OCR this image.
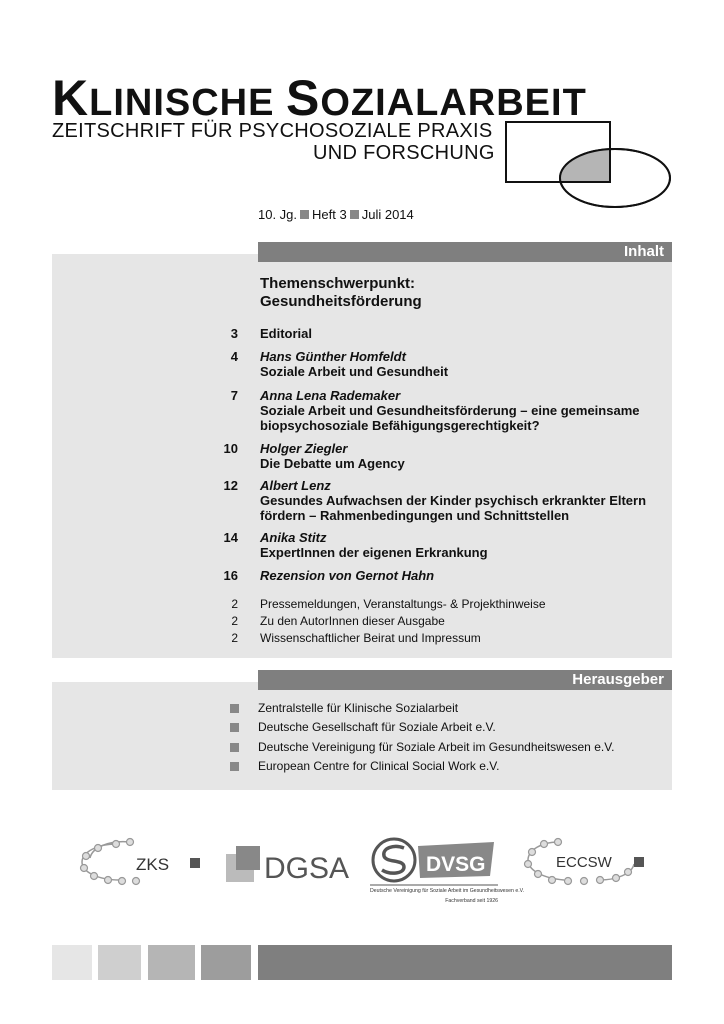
KLINISCHE SOZIALARBEIT
ZEITSCHRIFT FÜR PSYCHOSOZIALE PRAXIS
UND FORSCHUNG
10. Jg. Heft 3 Juli 2014
Inhalt
Themenschwerpunkt:
Gesundheitsförderung
3 Editorial
4 Hans Günther Homfeldt
Soziale Arbeit und Gesundheit
7 Anna Lena Rademaker
Soziale Arbeit und Gesundheitsförderung – eine gemeinsame biopsychosoziale Befähigungsgerechtigkeit?
10 Holger Ziegler
Die Debatte um Agency
12 Albert Lenz
Gesundes Aufwachsen der Kinder psychisch erkrankter Eltern fördern – Rahmenbedingungen und Schnittstellen
14 Anika Stitz
ExpertInnen der eigenen Erkrankung
16 Rezension von Gernot Hahn
2 Pressemeldungen, Veranstaltungs- & Projekthinweise
2 Zu den AutorInnen dieser Ausgabe
2 Wissenschaftlicher Beirat und Impressum
Herausgeber
Zentralstelle für Klinische Sozialarbeit
Deutsche Gesellschaft für Soziale Arbeit e.V.
Deutsche Vereinigung für Soziale Arbeit im Gesundheitswesen e.V.
European Centre for Clinical Social Work e.V.
ZKS	DGSA	DVSG
Deutsche Vereinigung für Soziale Arbeit im Gesundheitswesen e.V.
Fachverband seit 1926
ECCSW
